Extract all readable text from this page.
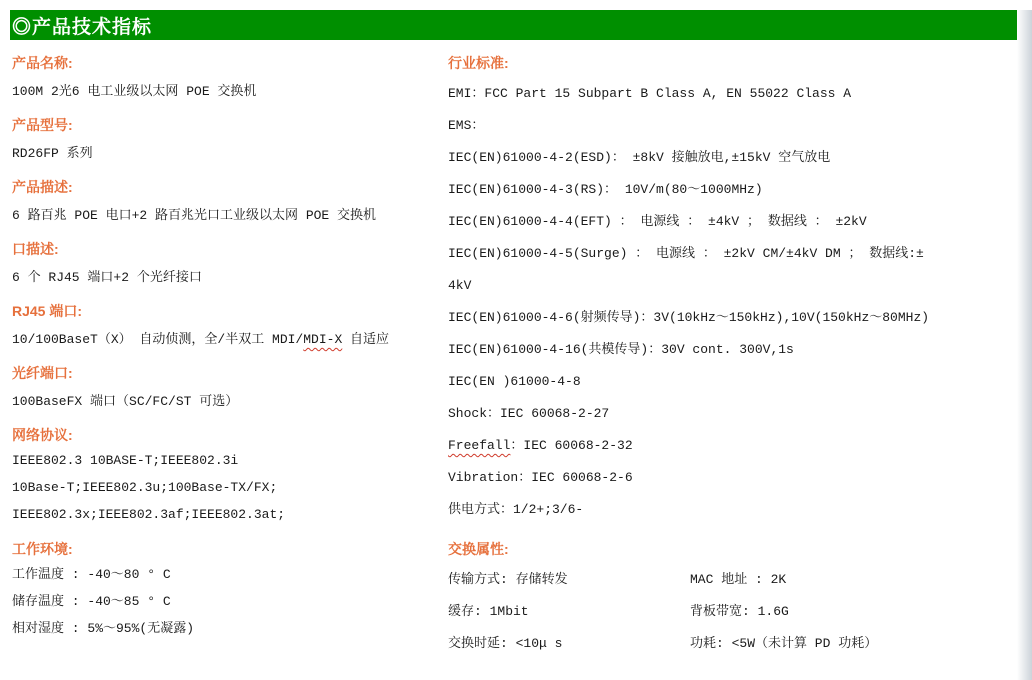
◎产品技术指标
产品名称:

100M 2光6 电工业级以太网 POE 交换机

产品型号:

RD26FP 系列

产品描述:

6 路百兆 POE 电口+2 路百兆光口工业级以太网 POE 交换机

口描述:

6 个 RJ45 端口+2 个光纤接口

RJ45 端口:

10/100BaseT（X） 自动侦测，全/半双工 MDI/MDI-X 自适应

光纤端口:

100BaseFX 端口（SC/FC/ST 可选）

网络协议:

IEEE802.3 10BASE-T;IEEE802.3i

10Base-T;IEEE802.3u;100Base-TX/FX;

IEEE802.3x;IEEE802.3af;IEEE802.3at;

工作环境:

工作温度 : -40～80 ° C

储存温度 : -40～85 ° C

相对湿度 : 5%～95%(无凝露)

行业标准:

EMI：FCC Part 15 Subpart B Class A, EN 55022 Class A

EMS：

IEC(EN)61000-4-2(ESD)： ±8kV 接触放电,±15kV 空气放电

IEC(EN)61000-4-3(RS)： 10V/m(80～1000MHz)

IEC(EN)61000-4-4(EFT) ： 电源线 ： ±4kV ； 数据线 ： ±2kV

IEC(EN)61000-4-5(Surge) ： 电源线 ： ±2kV CM/±4kV DM ； 数据线:±

4kV

IEC(EN)61000-4-6(射频传导)：3V(10kHz～150kHz),10V(150kHz～80MHz)

IEC(EN)61000-4-16(共模传导)：30V cont. 300V,1s

IEC(EN )61000-4-8

Shock：IEC 60068-2-27

Freefall：IEC 60068-2-32

Vibration：IEC 60068-2-6

供电方式：1/2+;3/6-

交换属性:
传输方式: 存储转发	MAC 地址 : 2K
缓存: 1Mbit	背板带宽: 1.6G
交换时延: <10μ s	功耗: <5W（未计算 PD 功耗）
